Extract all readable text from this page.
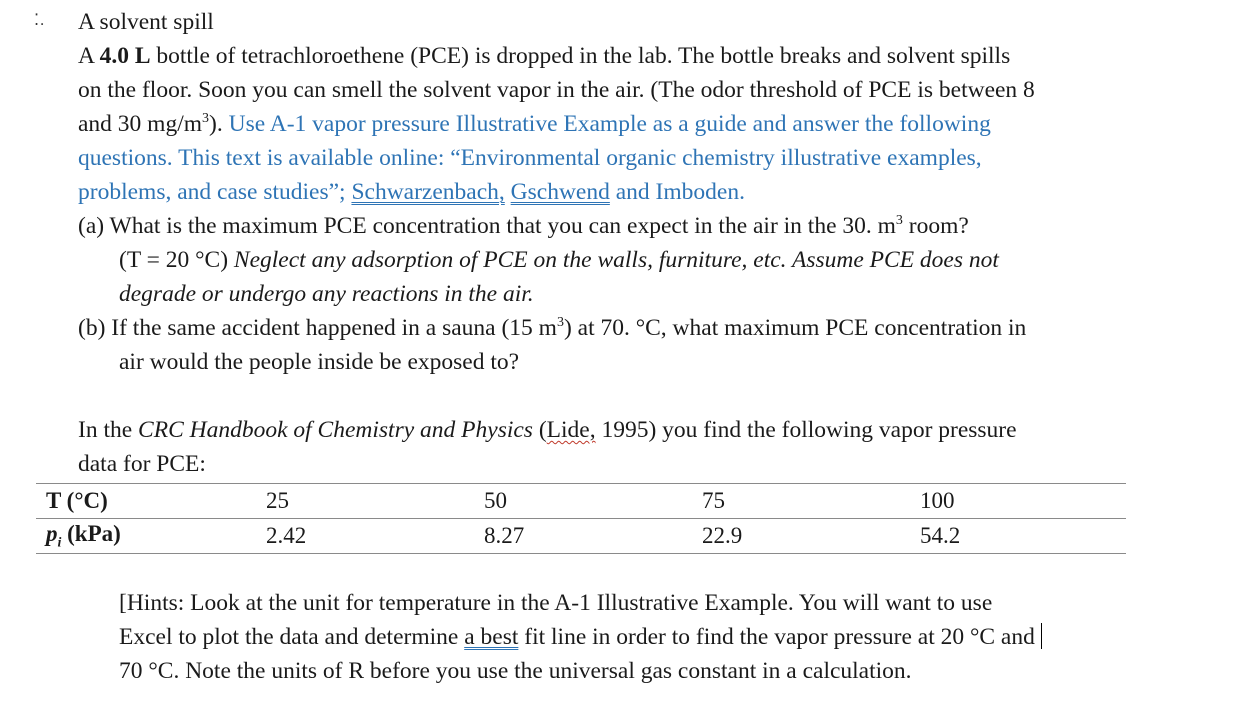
⁚. A solvent spill
A 4.0 L bottle of tetrachloroethene (PCE) is dropped in the lab. The bottle breaks and solvent spills
on the floor. Soon you can smell the solvent vapor in the air. (The odor threshold of PCE is between 8
and 30 $mg/m^3$). Use A-1 vapor pressure Illustrative Example as a guide and answer the following
questions. This text is available online: “Environmental organic chemistry illustrative examples,
problems, and case studies”; Schwarzenbach, Gschwend and Imboden.
(a) What is the maximum PCE concentration that you can expect in the air in the 30. $m^3$ room?
(T = 20 °C) Neglect any adsorption of PCE on the walls, furniture, etc. Assume PCE does not
degrade or undergo any reactions in the air.
(b) If the same accident happened in a sauna (15 $m^3$) at 70. °C, what maximum PCE concentration in
air would the people inside be exposed to?
In the CRC Handbook of Chemistry and Physics (Lide, 1995) you find the following vapor pressure
data for PCE:
T (°C)	25	50	75	100
$p_i$ (kPa)	2.42	8.27	22.9	54.2
[Hints: Look at the unit for temperature in the A-1 Illustrative Example. You will want to use
Excel to plot the data and determine a best fit line in order to find the vapor pressure at 20 °C and
70 °C. Note the units of R before you use the universal gas constant in a calculation.
